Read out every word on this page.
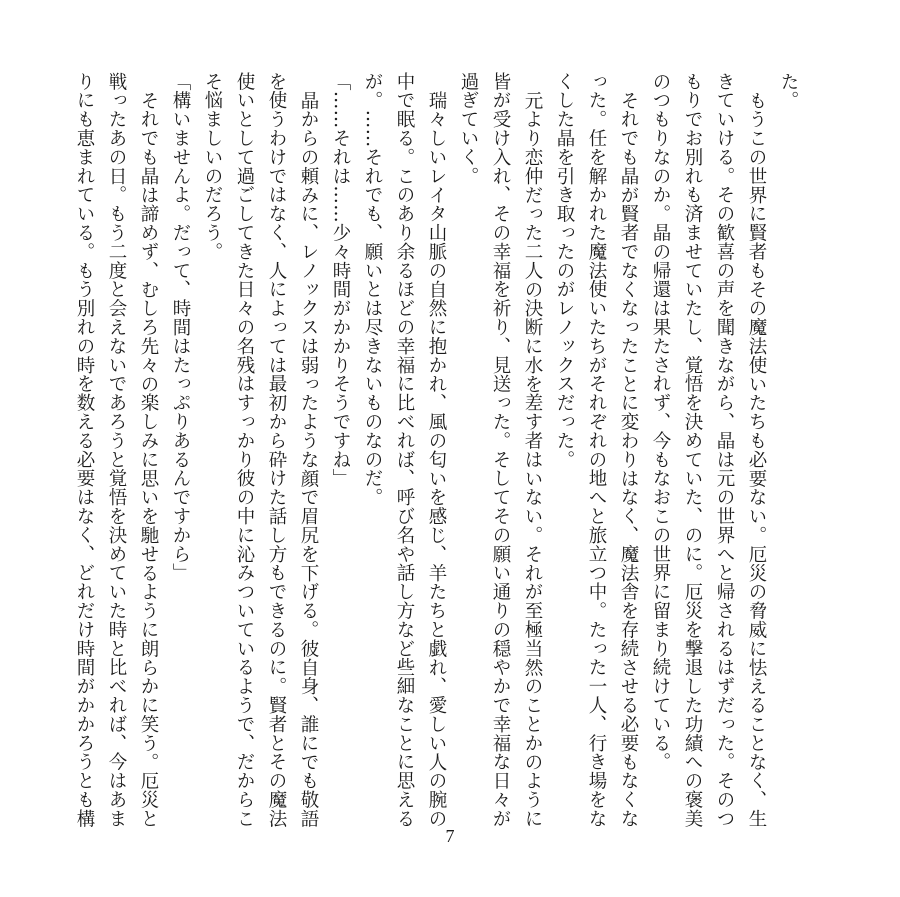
た。

もうこの世界に賢者もその魔法使いたちも必要ない。厄災の脅威に怯えることなく、生きていける。その歓喜の声を聞きながら、晶は元の世界へと帰されるはずだった。そのつもりでお別れも済ませていたし、覚悟を決めていた、のに。厄災を撃退した功績への褒美のつもりなのか。晶の帰還は果たされず、今もなおこの世界に留まり続けている。

それでも晶が賢者でなくなったことに変わりはなく、魔法舎を存続させる必要もなくなった。任を解かれた魔法使いたちがそれぞれの地へと旅立つ中。たった一人、行き場をなくした晶を引き取ったのがレノックスだった。

元より恋仲だった二人の決断に水を差す者はいない。それが至極当然のことかのように皆が受け入れ、その幸福を祈り、見送った。そしてその願い通りの穏やかで幸福な日々が過ぎていく。

瑞々しいレイタ山脈の自然に抱かれ、風の匂いを感じ、羊たちと戯れ、愛しい人の腕の中で眠る。このあり余るほどの幸福に比べれば、呼び名や話し方など些細なことに思えるが。……それでも、願いとは尽きないものなのだ。

「……それは……少々時間がかかりそうですね」

晶からの頼みに、レノックスは弱ったような顔で眉尻を下げる。彼自身、誰にでも敬語を使うわけではなく、人によっては最初から砕けた話し方もできるのに。賢者とその魔法使いとして過ごしてきた日々の名残はすっかり彼の中に沁みついているようで、だからこそ悩ましいのだろう。

「構いませんよ。だって、時間はたっぷりあるんですから」

それでも晶は諦めず、むしろ先々の楽しみに思いを馳せるように朗らかに笑う。厄災と戦ったあの日。もう二度と会えないであろうと覚悟を決めていた時と比べれば、今はあまりにも恵まれている。もう別れの時を数える必要はなく、どれだけ時間がかかろうとも構

7
